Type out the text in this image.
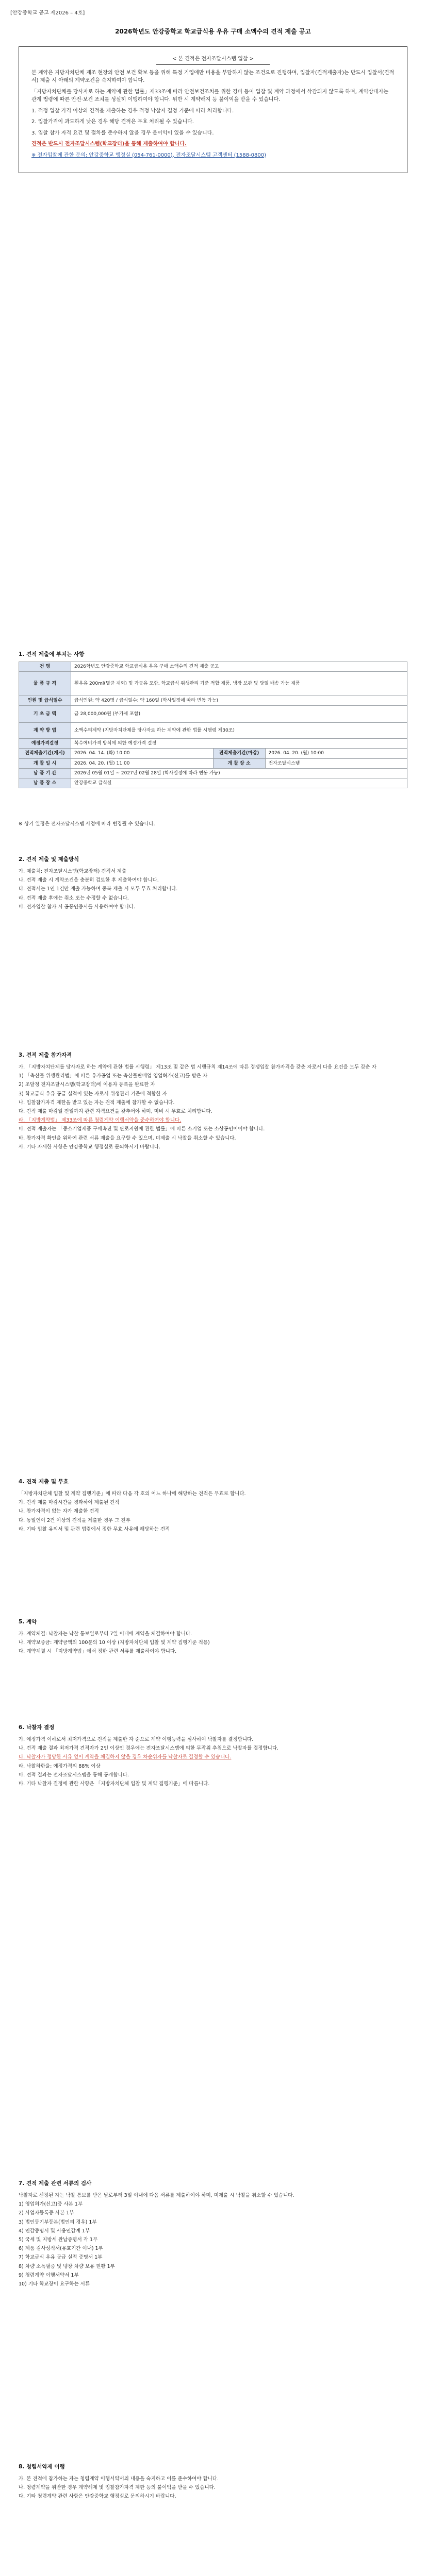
[안강중학교 공고 제2026 – 4호]
2026학년도 안강중학교 학교급식용 우유 구매 소액수의 견적 제출 공고
< 본 견적은 전자조달시스템 입찰 >

본 계약은 지방자치단체 제조 현장의 안전 보건 확보 등을 위해 특정 기업에만 비용을 부담하지 않는 조건으로 진행하며, 입찰자(견적제출자)는 반드시 입찰서(견적서) 제출 시 아래의 계약조건을 숙지하여야 합니다.

「지방자치단체를 당사자로 하는 계약에 관한 법률」제33조에 따라 안전보건조치를 위한 경비 등이 입찰 및 계약 과정에서 삭감되지 않도록 하며, 계약상대자는 관계 법령에 따른 안전·보건 조치를 성실히 이행하여야 합니다. 위반 시 계약해지 등 불이익을 받을 수 있습니다.

1. 적정 입찰 가격 이상의 견적을 제출하는 경우 적정 낙찰자 결정 기준에 따라 처리합니다.

2. 입찰가격이 과도하게 낮은 경우 해당 견적은 무효 처리될 수 있습니다.

3. 입찰 참가 자격 요건 및 절차를 준수하지 않을 경우 불이익이 있을 수 있습니다.

견적은 반드시 전자조달시스템(학교장터)을 통해 제출하여야 합니다.

※ 전자입찰에 관한 문의: 안강중학교 행정실 (054-761-0000), 전자조달시스템 고객센터 (1588-0800)

1. 견적 제출에 부치는 사항
건 명	2026학년도 안강중학교 학교급식용 우유 구매 소액수의 견적 제출 공고		
물 품 규 격	흰우유 200ml(멸균 제외) 및 가공유 포함, 학교급식 위생관리 기준 적합 제품, 냉장 보관 및 당일 배송 가능 제품		
인원 및 급식일수	급식인원: 약 420명 / 급식일수: 약 160일 (학사일정에 따라 변동 가능)		
기 초 금 액	금 28,000,000원 (부가세 포함)		
계 약 방 법	소액수의계약 (지방자치단체를 당사자로 하는 계약에 관한 법률 시행령 제30조)		
예정가격결정	복수예비가격 방식에 의한 예정가격 결정		
견적제출기간(개시)	2026. 04. 14. (화) 10:00	견적제출기간(마감)	2026. 04. 20. (월) 10:00
개 찰 일 시	2026. 04. 20. (월) 11:00	개 찰 장 소	전자조달시스템
납 품 기 간	2026년 05월 01일 ~ 2027년 02월 28일 (학사일정에 따라 변동 가능)		
납 품 장 소	안강중학교 급식실		

※ 상기 일정은 전자조달시스템 사정에 따라 변경될 수 있습니다.

2. 견적 제출 및 제출방식

가. 제출처: 전자조달시스템(학교장터) 견적서 제출

나. 견적 제출 시 계약조건을 충분히 검토한 후 제출하여야 합니다.

다. 견적서는 1인 1건만 제출 가능하며 중복 제출 시 모두 무효 처리합니다.

라. 견적 제출 후에는 취소 또는 수정할 수 없습니다.

마. 전자입찰 참가 시 공동인증서를 사용하여야 합니다.

3. 견적 제출 참가자격

가. 「지방자치단체를 당사자로 하는 계약에 관한 법률 시행령」 제13조 및 같은 법 시행규칙 제14조에 따른 경쟁입찰 참가자격을 갖춘 자로서 다음 요건을 모두 갖춘 자

1) 「축산물 위생관리법」에 따른 유가공업 또는 축산물판매업 영업허가(신고)를 받은 자

2) 조달청 전자조달시스템(학교장터)에 이용자 등록을 완료한 자

3) 학교급식 우유 공급 실적이 있는 자로서 위생관리 기준에 적합한 자

나. 입찰참가자격 제한을 받고 있는 자는 견적 제출에 참가할 수 없습니다.

다. 견적 제출 마감일 전일까지 관련 자격요건을 갖추어야 하며, 미비 시 무효로 처리합니다.

라. 「지방계약법」 제33조에 따른 청렴계약 이행서약을 준수하여야 합니다.

마. 견적 제출자는 「중소기업제품 구매촉진 및 판로지원에 관한 법률」에 따른 소기업 또는 소상공인이어야 합니다.

바. 참가자격 확인을 위하여 관련 서류 제출을 요구할 수 있으며, 미제출 시 낙찰을 취소할 수 있습니다.

사. 기타 자세한 사항은 안강중학교 행정실로 문의하시기 바랍니다.

4. 견적 제출 및 무효

「지방자치단체 입찰 및 계약 집행기준」에 따라 다음 각 호의 어느 하나에 해당하는 견적은 무효로 합니다.

가. 견적 제출 마감시간을 경과하여 제출된 견적

나. 참가자격이 없는 자가 제출한 견적

다. 동일인이 2건 이상의 견적을 제출한 경우 그 전부

라. 기타 입찰 유의서 및 관련 법령에서 정한 무효 사유에 해당하는 견적

5. 계약

가. 계약체결: 낙찰자는 낙찰 통보일로부터 7일 이내에 계약을 체결하여야 합니다.

나. 계약보증금: 계약금액의 100분의 10 이상 (지방자치단체 입찰 및 계약 집행기준 적용)

다. 계약체결 시 「지방계약법」에서 정한 관련 서류를 제출하여야 합니다.

6. 낙찰자 결정

가. 예정가격 이하로서 최저가격으로 견적을 제출한 자 순으로 계약 이행능력을 심사하여 낙찰자를 결정합니다.

나. 견적 제출 결과 최저가격 견적자가 2인 이상인 경우에는 전자조달시스템에 의한 무작위 추첨으로 낙찰자를 결정합니다.

다. 낙찰자가 정당한 사유 없이 계약을 체결하지 않을 경우 차순위자를 낙찰자로 결정할 수 있습니다.

라. 낙찰하한율: 예정가격의 88% 이상

마. 견적 결과는 전자조달시스템을 통해 공개합니다.

바. 기타 낙찰자 결정에 관한 사항은 「지방자치단체 입찰 및 계약 집행기준」에 따릅니다.

7. 견적 제출 관련 서류의 검사

낙찰자로 선정된 자는 낙찰 통보를 받은 날로부터 3일 이내에 다음 서류를 제출하여야 하며, 미제출 시 낙찰을 취소할 수 있습니다.

1) 영업허가(신고)증 사본 1부

2) 사업자등록증 사본 1부

3) 법인등기부등본(법인의 경우) 1부

4) 인감증명서 및 사용인감계 1부

5) 국세 및 지방세 완납증명서 각 1부

6) 제품 검사성적서(유효기간 이내) 1부

7) 학교급식 우유 공급 실적 증명서 1부

8) 차량 소독필증 및 냉장 차량 보유 현황 1부

9) 청렴계약 이행서약서 1부

10) 기타 학교장이 요구하는 서류

8. 청렴서약제 이행

가. 본 견적에 참가하는 자는 청렴계약 이행서약서의 내용을 숙지하고 이를 준수하여야 합니다.

나. 청렴계약을 위반한 경우 계약해제 및 입찰참가자격 제한 등의 불이익을 받을 수 있습니다.

다. 기타 청렴계약 관련 사항은 안강중학교 행정실로 문의하시기 바랍니다.
